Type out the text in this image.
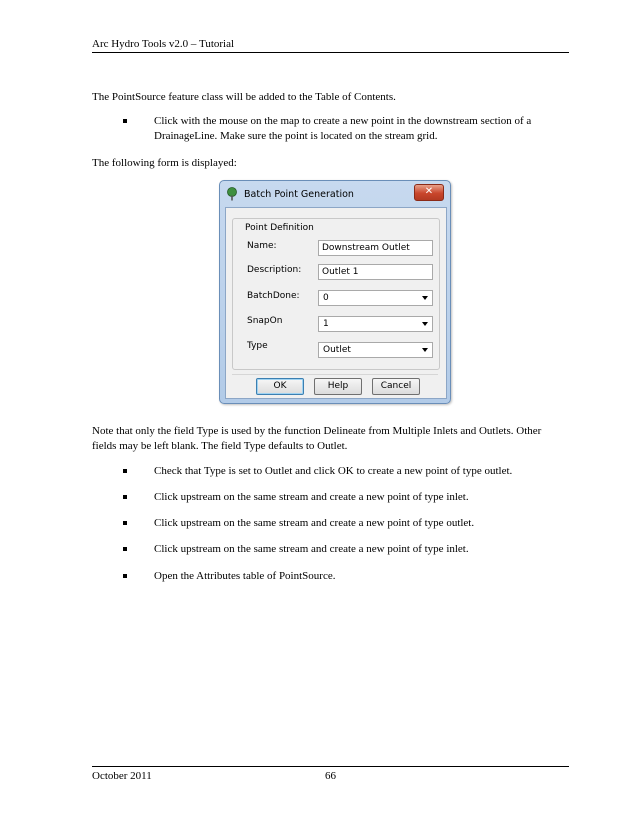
Arc Hydro Tools v2.0 – Tutorial
The PointSource feature class will be added to the Table of Contents.
Click with the mouse on the map to create a new point in the downstream section of a
DrainageLine. Make sure the point is located on the stream grid.
The following form is displayed:
Batch Point Generation	✕
Point Definition
Name:	Downstream Outlet
Description: Outlet 1
BatchDone:	0
SnapOn	1
Type	Outlet
OK	Help	Cancel
Note that only the field Type is used by the function Delineate from Multiple Inlets and Outlets. Other
fields may be left blank. The field Type defaults to Outlet.
Check that Type is set to Outlet and click OK to create a new point of type outlet.
Click upstream on the same stream and create a new point of type inlet.
Click upstream on the same stream and create a new point of type outlet.
Click upstream on the same stream and create a new point of type inlet.
Open the Attributes table of PointSource.
October 2011	66
